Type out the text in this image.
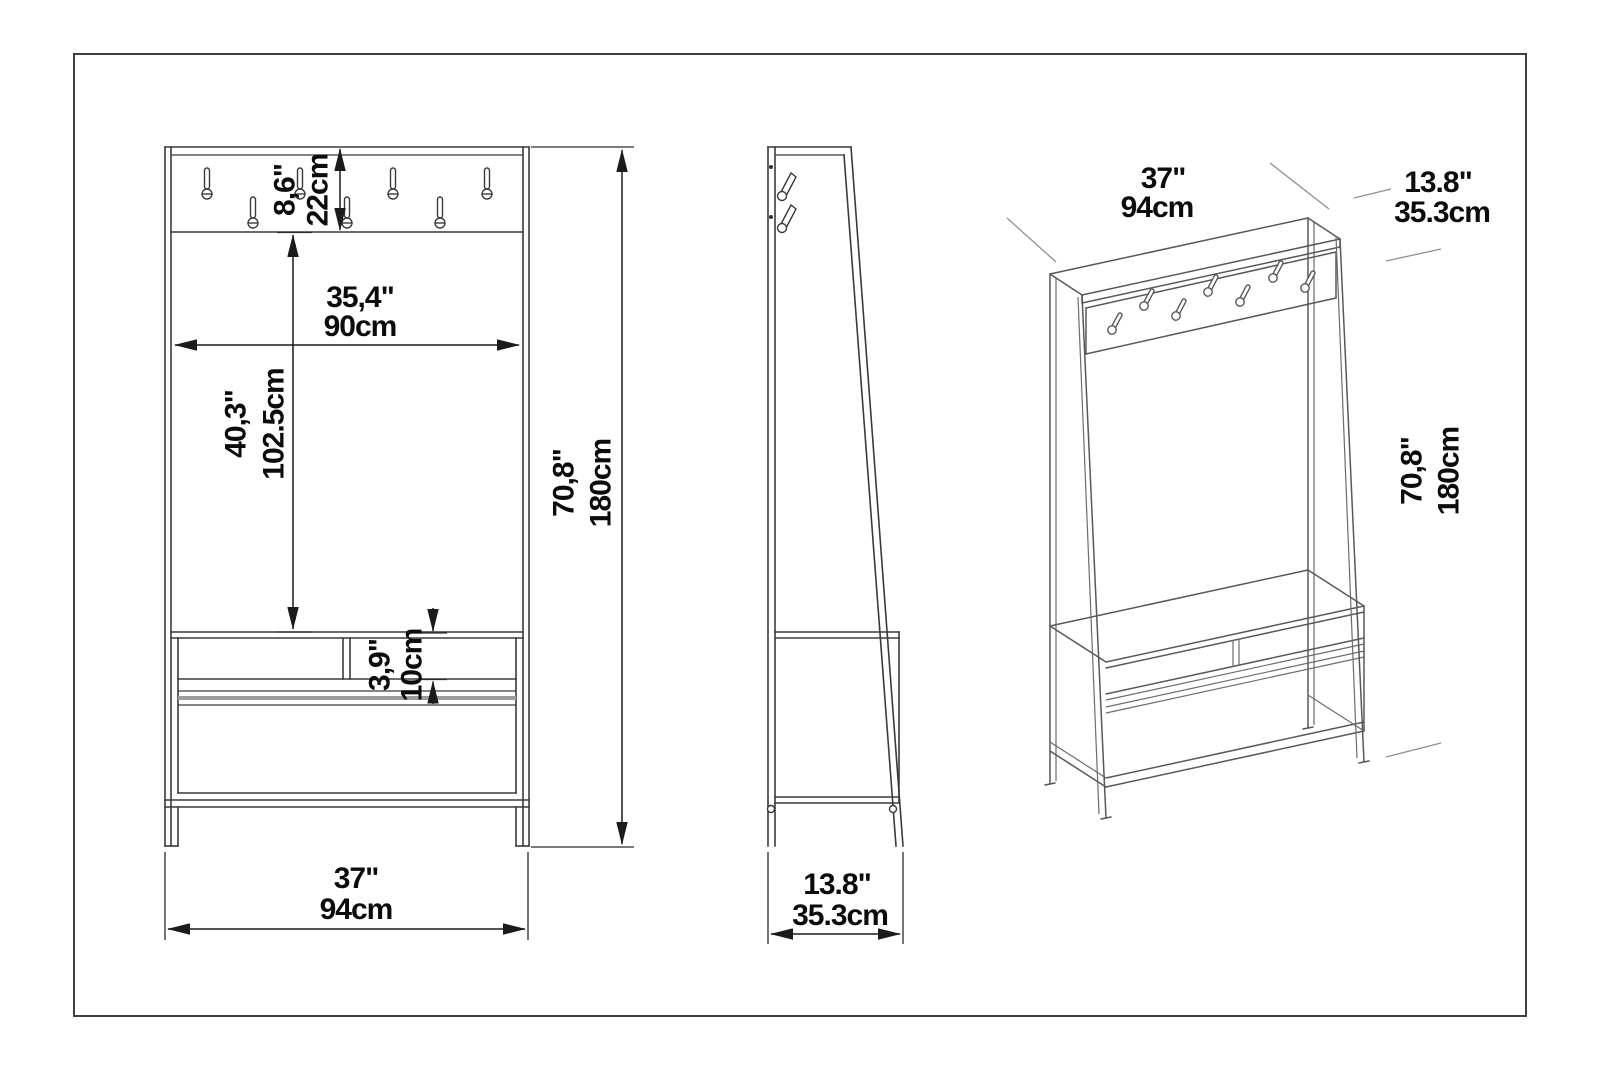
8,6" 22cm
35,4"
90cm
40,3" 102.5cm
3,9" 10cm
70,8" 180cm
37"
94cm
13.8"
35.3cm
37"
94cm
13.8"
35.3cm
70,8" 180cm
